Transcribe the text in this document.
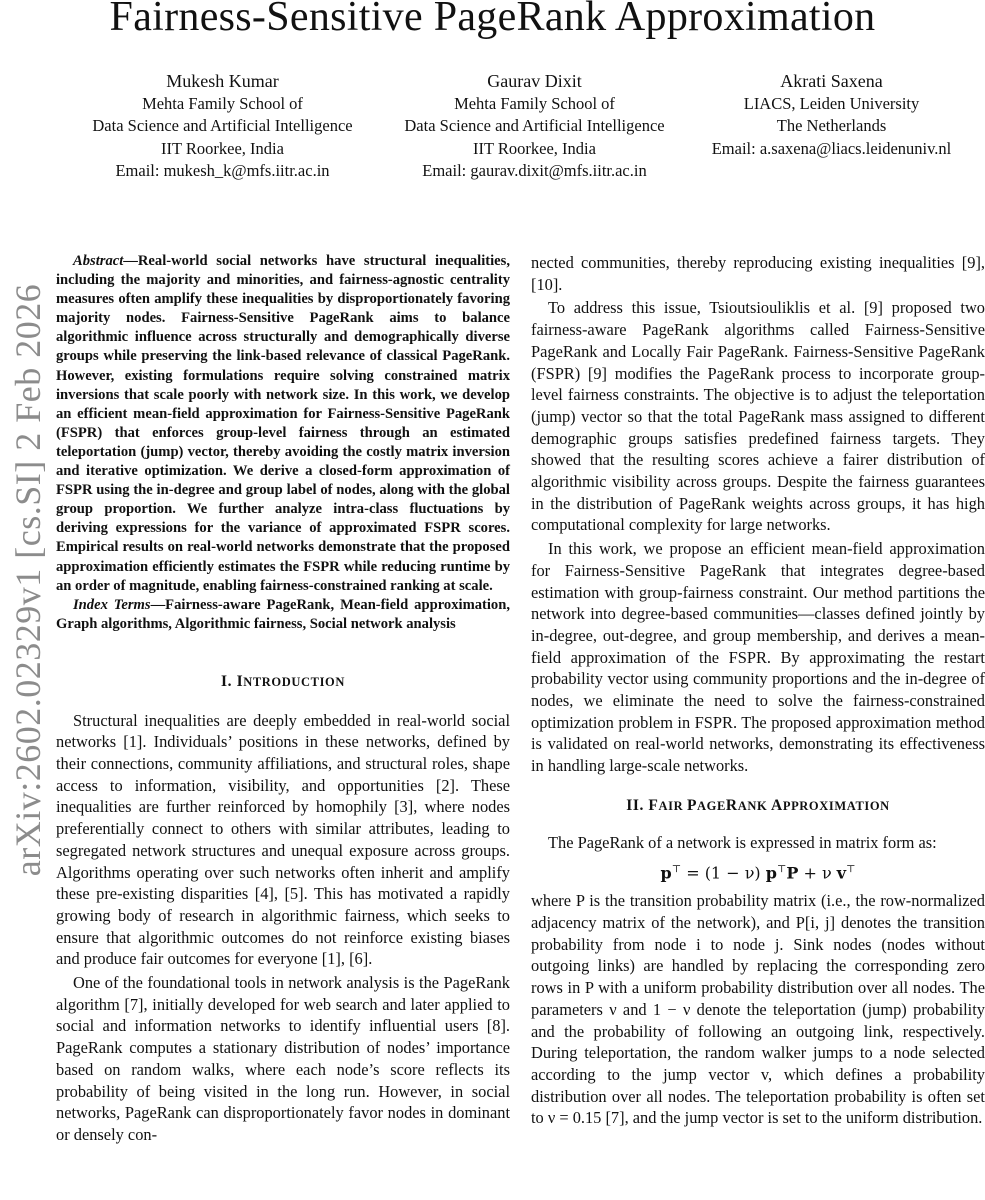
arXiv:2602.02329v1 [cs.SI] 2 Feb 2026
Fairness-Sensitive PageRank Approximation
Mukesh Kumar
Mehta Family School of
Data Science and Artificial Intelligence
IIT Roorkee, India
Email: mukesh_k@mfs.iitr.ac.in
Gaurav Dixit
Mehta Family School of
Data Science and Artificial Intelligence
IIT Roorkee, India
Email: gaurav.dixit@mfs.iitr.ac.in
Akrati Saxena
LIACS, Leiden University
The Netherlands
Email: a.saxena@liacs.leidenuniv.nl
Abstract—Real-world social networks have structural inequalities, including the majority and minorities, and fairness-agnostic centrality measures often amplify these inequalities by disproportionately favoring majority nodes. Fairness-Sensitive PageRank aims to balance algorithmic influence across structurally and demographically diverse groups while preserving the link-based relevance of classical PageRank. However, existing formulations require solving constrained matrix inversions that scale poorly with network size. In this work, we develop an efficient mean-field approximation for Fairness-Sensitive PageRank (FSPR) that enforces group-level fairness through an estimated teleportation (jump) vector, thereby avoiding the costly matrix inversion and iterative optimization. We derive a closed-form approximation of FSPR using the in-degree and group label of nodes, along with the global group proportion. We further analyze intra-class fluctuations by deriving expressions for the variance of approximated FSPR scores. Empirical results on real-world networks demonstrate that the proposed approximation efficiently estimates the FSPR while reducing runtime by an order of magnitude, enabling fairness-constrained ranking at scale.
Index Terms—Fairness-aware PageRank, Mean-field approximation, Graph algorithms, Algorithmic fairness, Social network analysis
I. INTRODUCTION

Structural inequalities are deeply embedded in real-world social networks [1]. Individuals’ positions in these networks, defined by their connections, community affiliations, and structural roles, shape access to information, visibility, and opportunities [2]. These inequalities are further reinforced by homophily [3], where nodes preferentially connect to others with similar attributes, leading to segregated network structures and unequal exposure across groups. Algorithms operating over such networks often inherit and amplify these pre-existing disparities [4], [5]. This has motivated a rapidly growing body of research in algorithmic fairness, which seeks to ensure that algorithmic outcomes do not reinforce existing biases and produce fair outcomes for everyone [1], [6].

One of the foundational tools in network analysis is the PageRank algorithm [7], initially developed for web search and later applied to social and information networks to identify influential users [8]. PageRank computes a stationary distribution of nodes’ importance based on random walks, where each node’s score reflects its probability of being visited in the long run. However, in social networks, PageRank can disproportionately favor nodes in dominant or densely con-

nected communities, thereby reproducing existing inequalities [9], [10].

To address this issue, Tsioutsiouliklis et al. [9] proposed two fairness-aware PageRank algorithms called Fairness-Sensitive PageRank and Locally Fair PageRank. Fairness-Sensitive PageRank (FSPR) [9] modifies the PageRank process to incorporate group-level fairness constraints. The objective is to adjust the teleportation (jump) vector so that the total PageRank mass assigned to different demographic groups satisfies predefined fairness targets. They showed that the resulting scores achieve a fairer distribution of algorithmic visibility across groups. Despite the fairness guarantees in the distribution of PageRank weights across groups, it has high computational complexity for large networks.

In this work, we propose an efficient mean-field approximation for Fairness-Sensitive PageRank that integrates degree-based estimation with group-fairness constraint. Our method partitions the network into degree-based communities—classes defined jointly by in-degree, out-degree, and group membership, and derives a mean-field approximation of the FSPR. By approximating the restart probability vector using community proportions and the in-degree of nodes, we eliminate the need to solve the fairness-constrained optimization problem in FSPR. The proposed approximation method is validated on real-world networks, demonstrating its effectiveness in handling large-scale networks.

II. FAIR PAGERANK APPROXIMATION

The PageRank of a network is expressed in matrix form as:

p⊤ = (1 − ν) p⊤P + ν v⊤

where P is the transition probability matrix (i.e., the row-normalized adjacency matrix of the network), and P[i, j] denotes the transition probability from node i to node j. Sink nodes (nodes without outgoing links) are handled by replacing the corresponding zero rows in P with a uniform probability distribution over all nodes. The parameters ν and 1 − ν denote the teleportation (jump) probability and the probability of following an outgoing link, respectively. During teleportation, the random walker jumps to a node selected according to the jump vector v, which defines a probability distribution over all nodes. The teleportation probability is often set to ν = 0.15 [7], and the jump vector is set to the uniform distribution.
